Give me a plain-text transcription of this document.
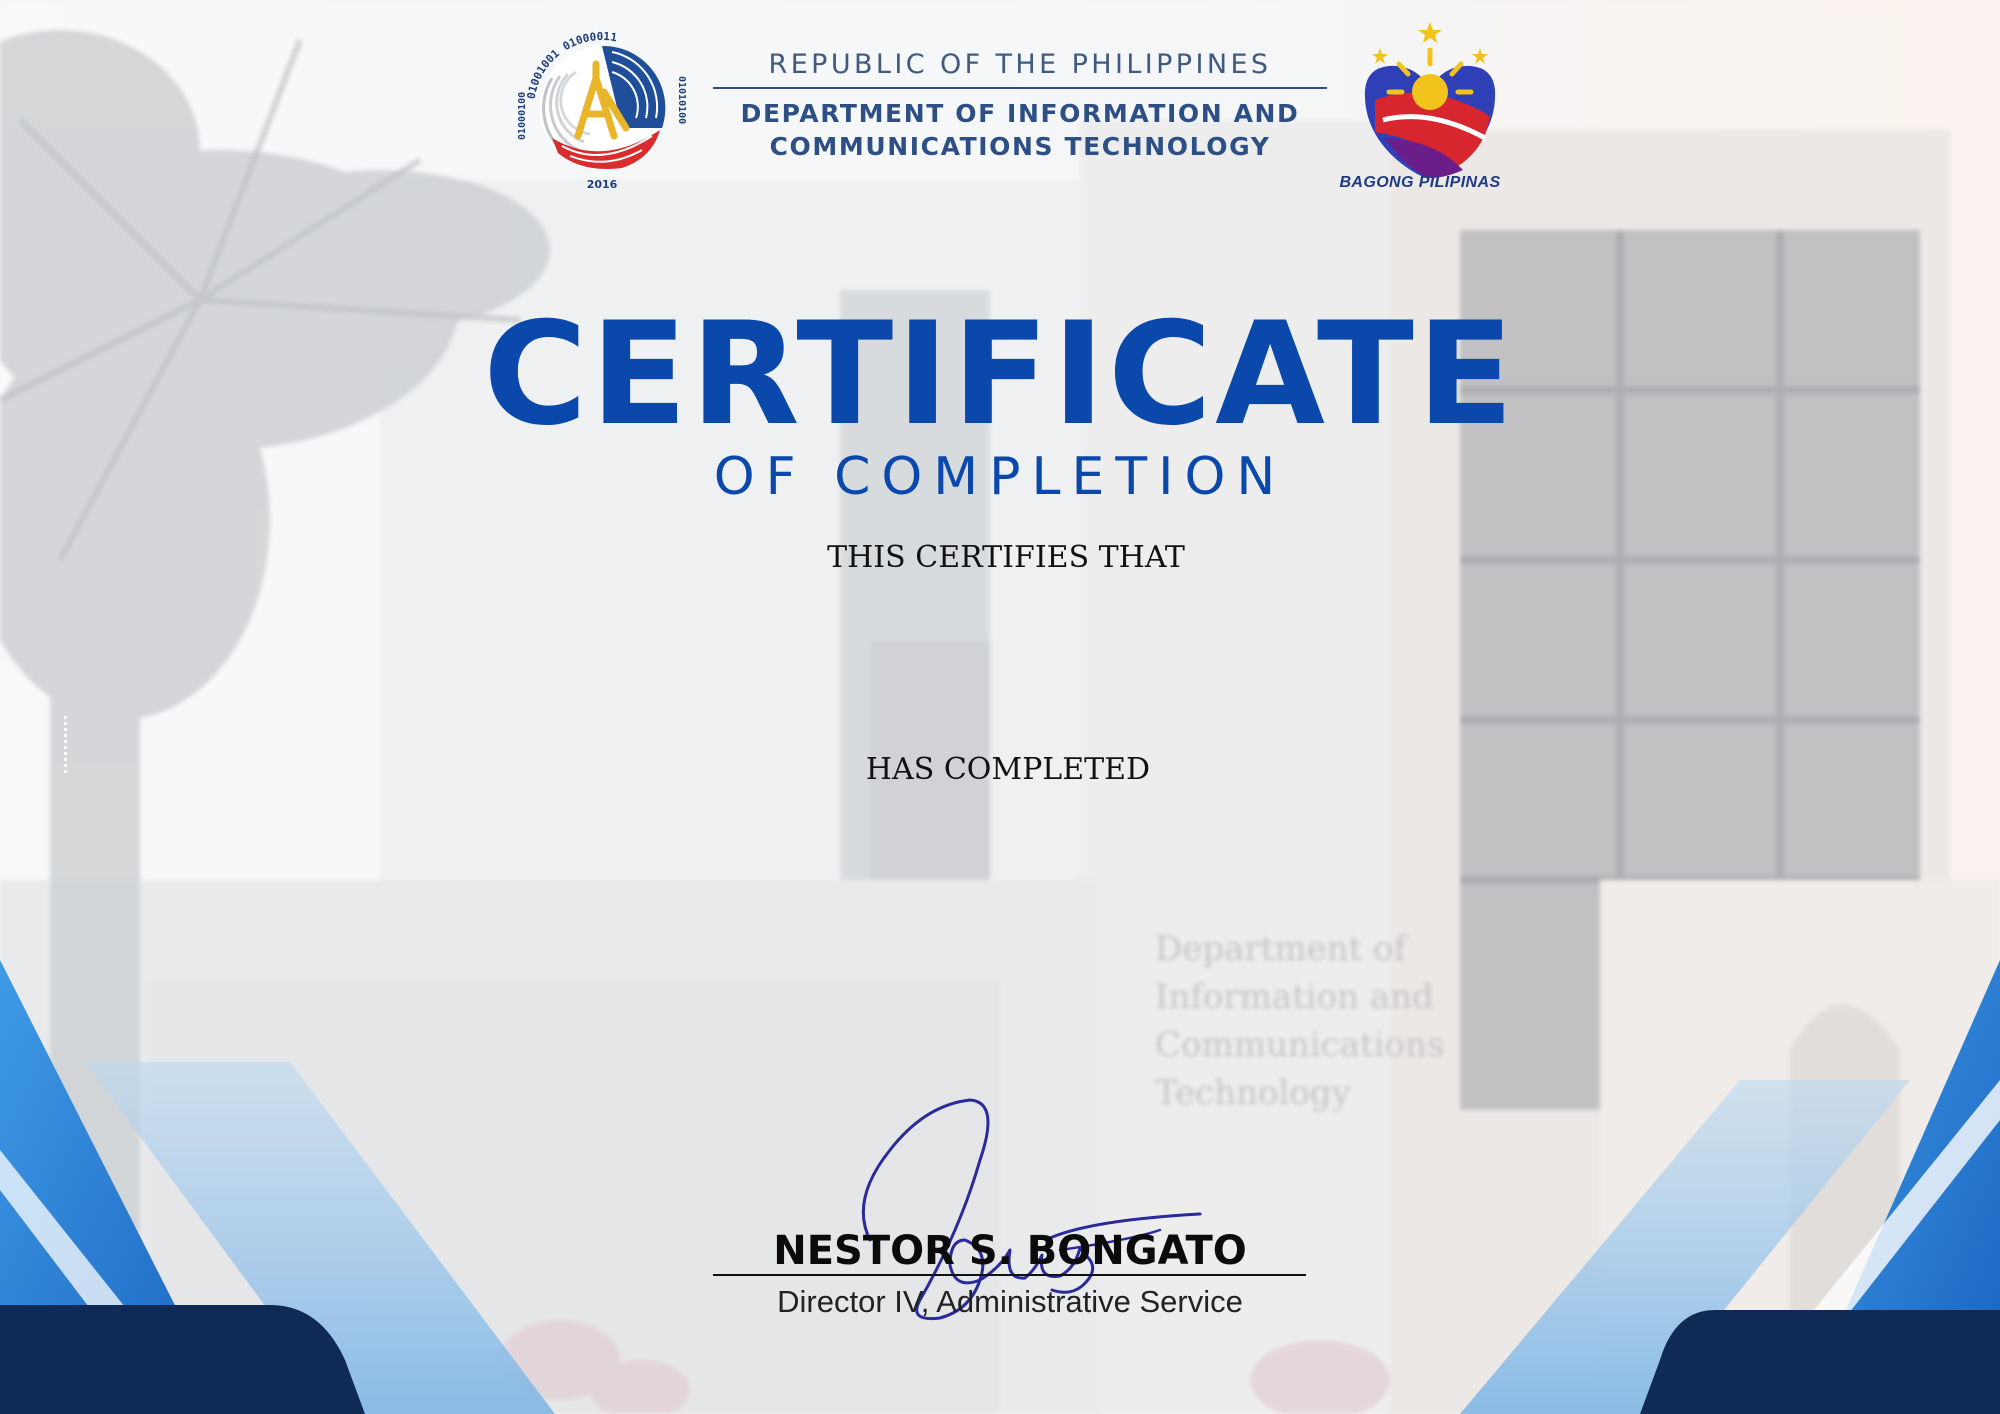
Department of
Information and
Communications
Technology
01001001 01000011
01010100
01000100
2016
REPUBLIC OF THE PHILIPPINES
DEPARTMENT OF INFORMATION AND
COMMUNICATIONS TECHNOLOGY
BAGONG PILIPINAS
CERTIFICATE
OF COMPLETION
THIS CERTIFIES THAT
HAS COMPLETED
NESTOR S. BONGATO
Director IV, Administrative Service
